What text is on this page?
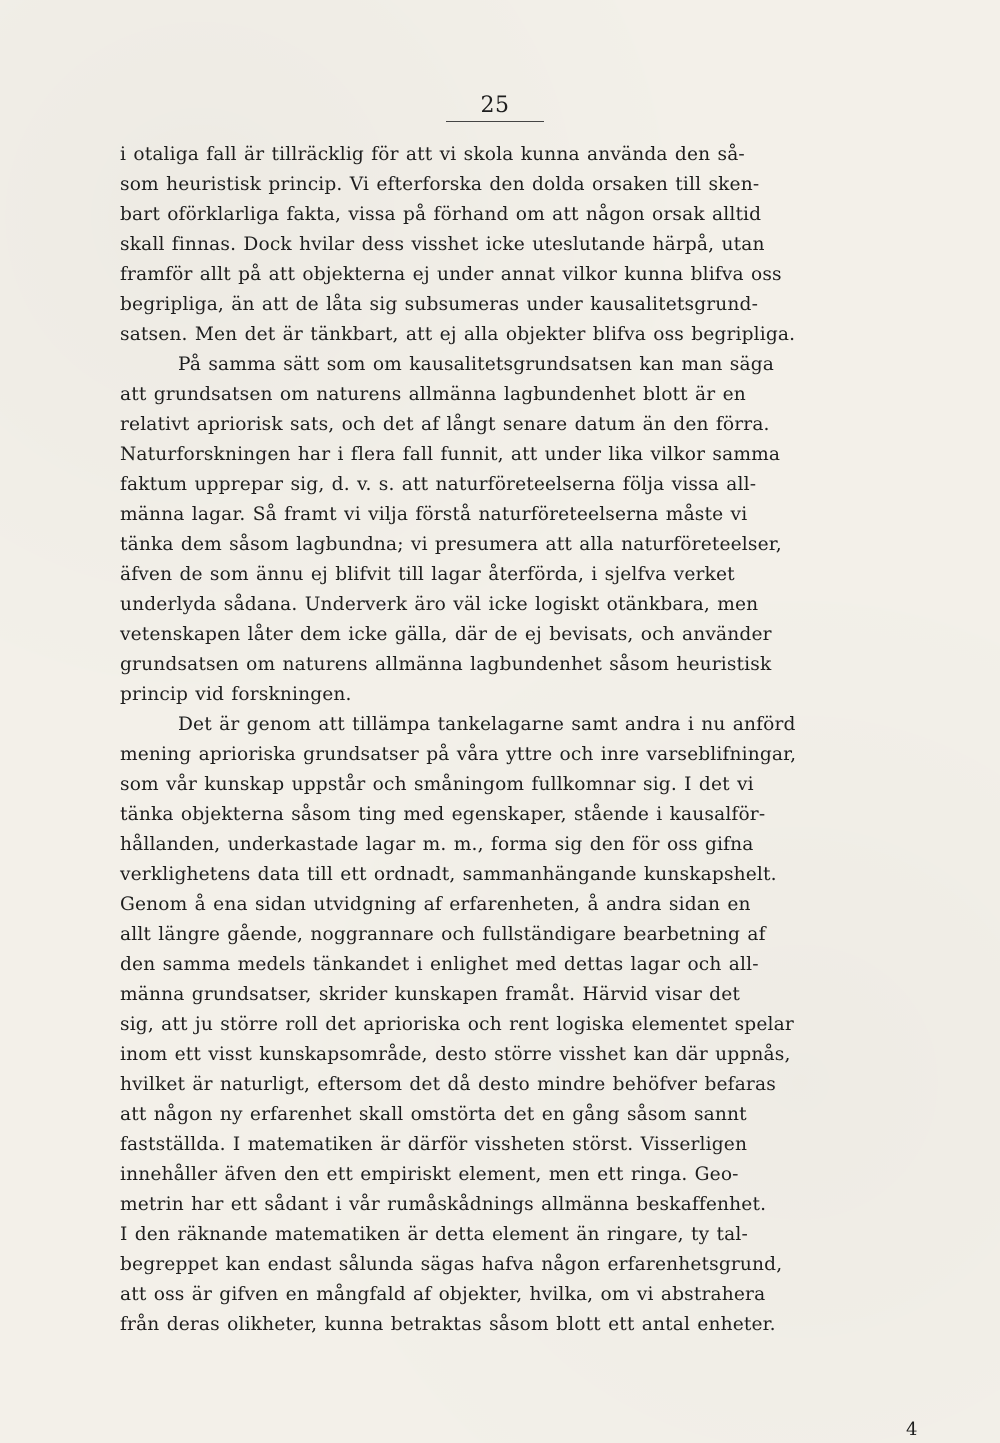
25
i otaliga fall är tillräcklig för att vi skola kunna använda den så-
som heuristisk princip. Vi efterforska den dolda orsaken till sken-
bart oförklarliga fakta, vissa på förhand om att någon orsak alltid
skall finnas. Dock hvilar dess visshet icke uteslutande härpå, utan
framför allt på att objekterna ej under annat vilkor kunna blifva oss
begripliga, än att de låta sig subsumeras under kausalitetsgrund-
satsen. Men det är tänkbart, att ej alla objekter blifva oss begripliga.
På samma sätt som om kausalitetsgrundsatsen kan man säga
att grundsatsen om naturens allmänna lagbundenhet blott är en
relativt apriorisk sats, och det af långt senare datum än den förra.
Naturforskningen har i flera fall funnit, att under lika vilkor samma
faktum upprepar sig, d. v. s. att naturföreteelserna följa vissa all-
männa lagar. Så framt vi vilja förstå naturföreteelserna måste vi
tänka dem såsom lagbundna; vi presumera att alla naturföreteelser,
äfven de som ännu ej blifvit till lagar återförda, i sjelfva verket
underlyda sådana. Underverk äro väl icke logiskt otänkbara, men
vetenskapen låter dem icke gälla, där de ej bevisats, och använder
grundsatsen om naturens allmänna lagbundenhet såsom heuristisk
princip vid forskningen.
Det är genom att tillämpa tankelagarne samt andra i nu anförd
mening aprioriska grundsatser på våra yttre och inre varseblifningar,
som vår kunskap uppstår och småningom fullkomnar sig. I det vi
tänka objekterna såsom ting med egenskaper, stående i kausalför-
hållanden, underkastade lagar m. m., forma sig den för oss gifna
verklighetens data till ett ordnadt, sammanhängande kunskapshelt.
Genom å ena sidan utvidgning af erfarenheten, å andra sidan en
allt längre gående, noggrannare och fullständigare bearbetning af
den samma medels tänkandet i enlighet med dettas lagar och all-
männa grundsatser, skrider kunskapen framåt. Härvid visar det
sig, att ju större roll det aprioriska och rent logiska elementet spelar
inom ett visst kunskapsområde, desto större visshet kan där uppnås,
hvilket är naturligt, eftersom det då desto mindre behöfver befaras
att någon ny erfarenhet skall omstörta det en gång såsom sannt
fastställda. I matematiken är därför vissheten störst. Visserligen
innehåller äfven den ett empiriskt element, men ett ringa. Geo-
metrin har ett sådant i vår rumåskådnings allmänna beskaffenhet.
I den räknande matematiken är detta element än ringare, ty tal-
begreppet kan endast sålunda sägas hafva någon erfarenhetsgrund,
att oss är gifven en mångfald af objekter, hvilka, om vi abstrahera
från deras olikheter, kunna betraktas såsom blott ett antal enheter.
4
